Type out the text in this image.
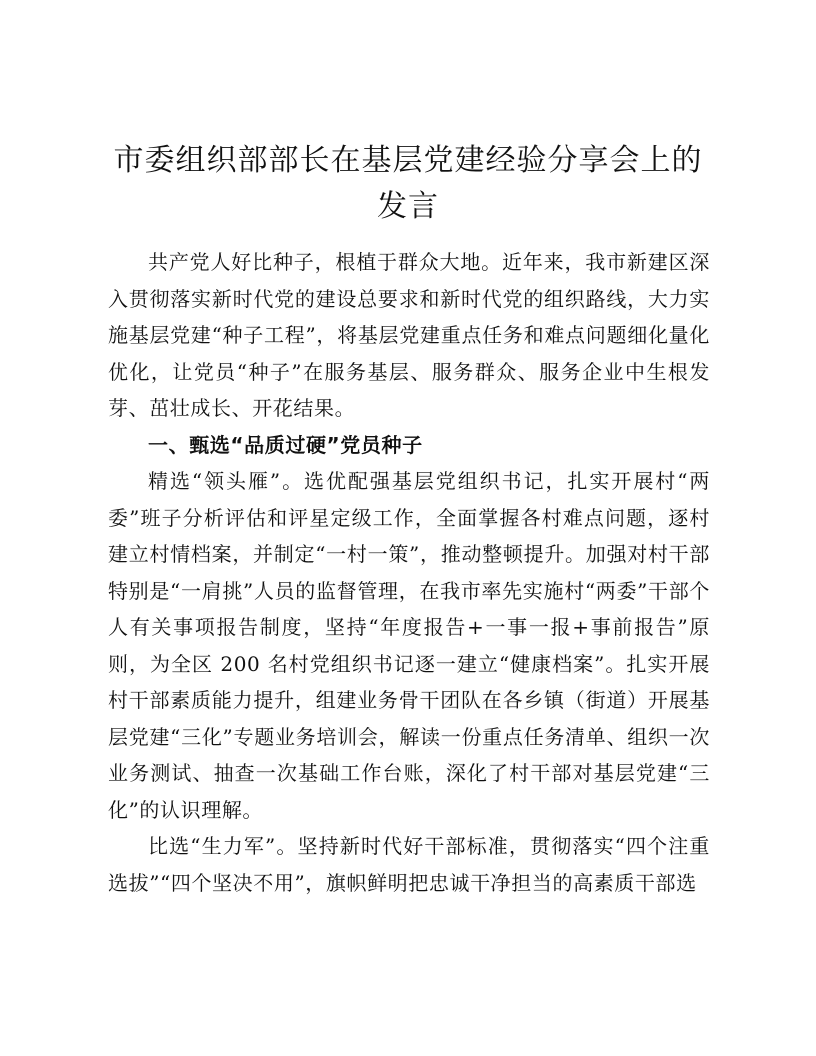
市委组织部部长在基层党建经验分享会上的发言

共产党人好比种子，根植于群众大地。近年来，我市新建区深入贯彻落实新时代党的建设总要求和新时代党的组织路线，大力实施基层党建“种子工程”，将基层党建重点任务和难点问题细化量化优化，让党员“种子”在服务基层、服务群众、服务企业中生根发芽、茁壮成长、开花结果。

一、甄选“品质过硬”党员种子

精选“领头雁”。选优配强基层党组织书记，扎实开展村“两委”班子分析评估和评星定级工作，全面掌握各村难点问题，逐村建立村情档案，并制定“一村一策”，推动整顿提升。加强对村干部特别是“一肩挑”人员的监督管理，在我市率先实施村“两委”干部个人有关事项报告制度，坚持“年度报告+一事一报+事前报告”原则，为全区 200 名村党组织书记逐一建立“健康档案”。扎实开展村干部素质能力提升，组建业务骨干团队在各乡镇（街道）开展基层党建“三化”专题业务培训会，解读一份重点任务清单、组织一次业务测试、抽查一次基础工作台账，深化了村干部对基层党建“三化”的认识理解。

比选“生力军”。坚持新时代好干部标准，贯彻落实“四个注重选拔”“四个坚决不用”，旗帜鲜明把忠诚干净担当的高素质干部选
